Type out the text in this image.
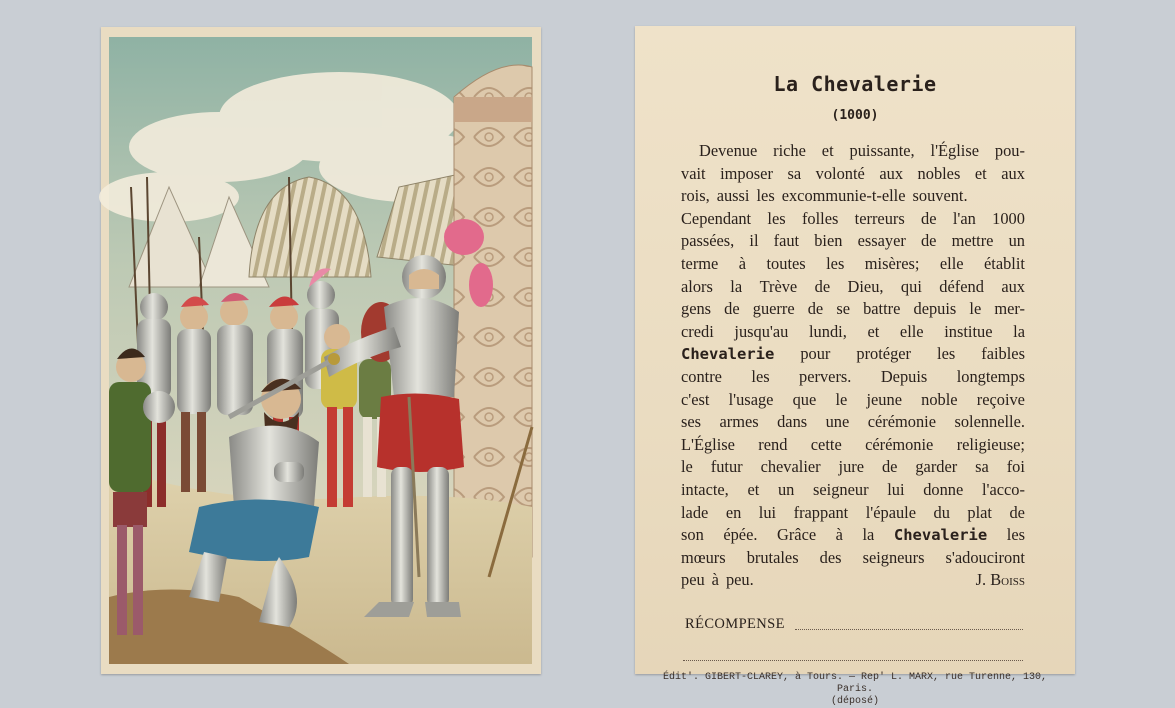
La Chevalerie
(1000)
Devenue riche et puissante, l'Église pou-
vait imposer sa volonté aux nobles et aux
rois, aussi les excommunie-t-elle souvent.
Cependant les folles terreurs de l'an 1000
passées, il faut bien essayer de mettre un
terme à toutes les misères; elle établit
alors la Trève de Dieu, qui défend aux
gens de guerre de se battre depuis le mer-
credi jusqu'au lundi, et elle institue la
Chevalerie pour protéger les faibles
contre les pervers. Depuis longtemps
c'est l'usage que le jeune noble reçoive
ses armes dans une cérémonie solennelle.
L'Église rend cette cérémonie religieuse;
le futur chevalier jure de garder sa foi
intacte, et un seigneur lui donne l'acco-
lade en lui frappant l'épaule du plat de
son épée. Grâce à la Chevalerie les
mœurs brutales des seigneurs s'adouciront
peu à peu.	J. Boiss
RÉCOMPENSE
Édit'. GIBERT-CLAREY, à Tours. — Rep' L. MARX, rue Turenne, 130, Paris.
(déposé)
